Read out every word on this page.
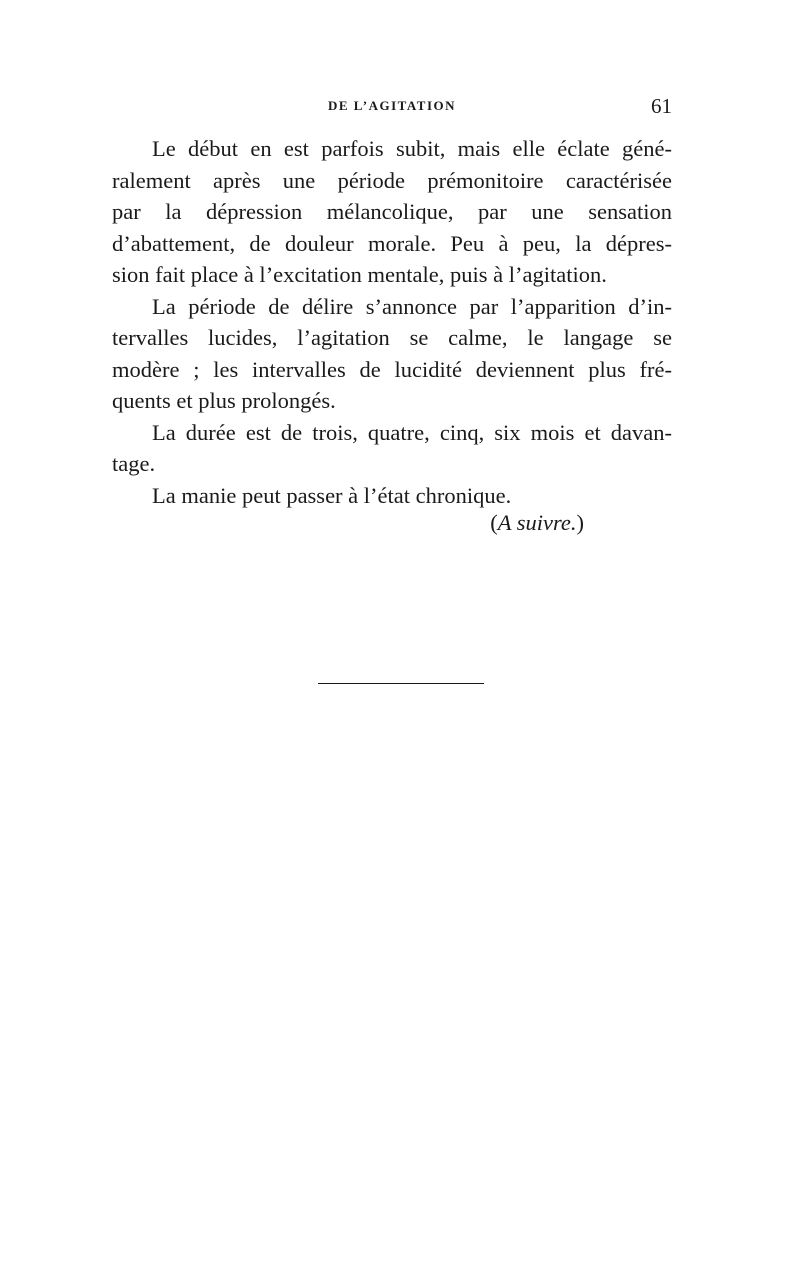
DE L’AGITATION	61
Le début en est parfois subit, mais elle éclate géné-
ralement après une période prémonitoire caractérisée
par la dépression mélancolique, par une sensation
d’abattement, de douleur morale. Peu à peu, la dépres-
sion fait place à l’excitation mentale, puis à l’agitation.
La période de délire s’annonce par l’apparition d’in-
tervalles lucides, l’agitation se calme, le langage se
modère ; les intervalles de lucidité deviennent plus fré-
quents et plus prolongés.
La durée est de trois, quatre, cinq, six mois et davan-
tage.
La manie peut passer à l’état chronique.
(A suivre.)
